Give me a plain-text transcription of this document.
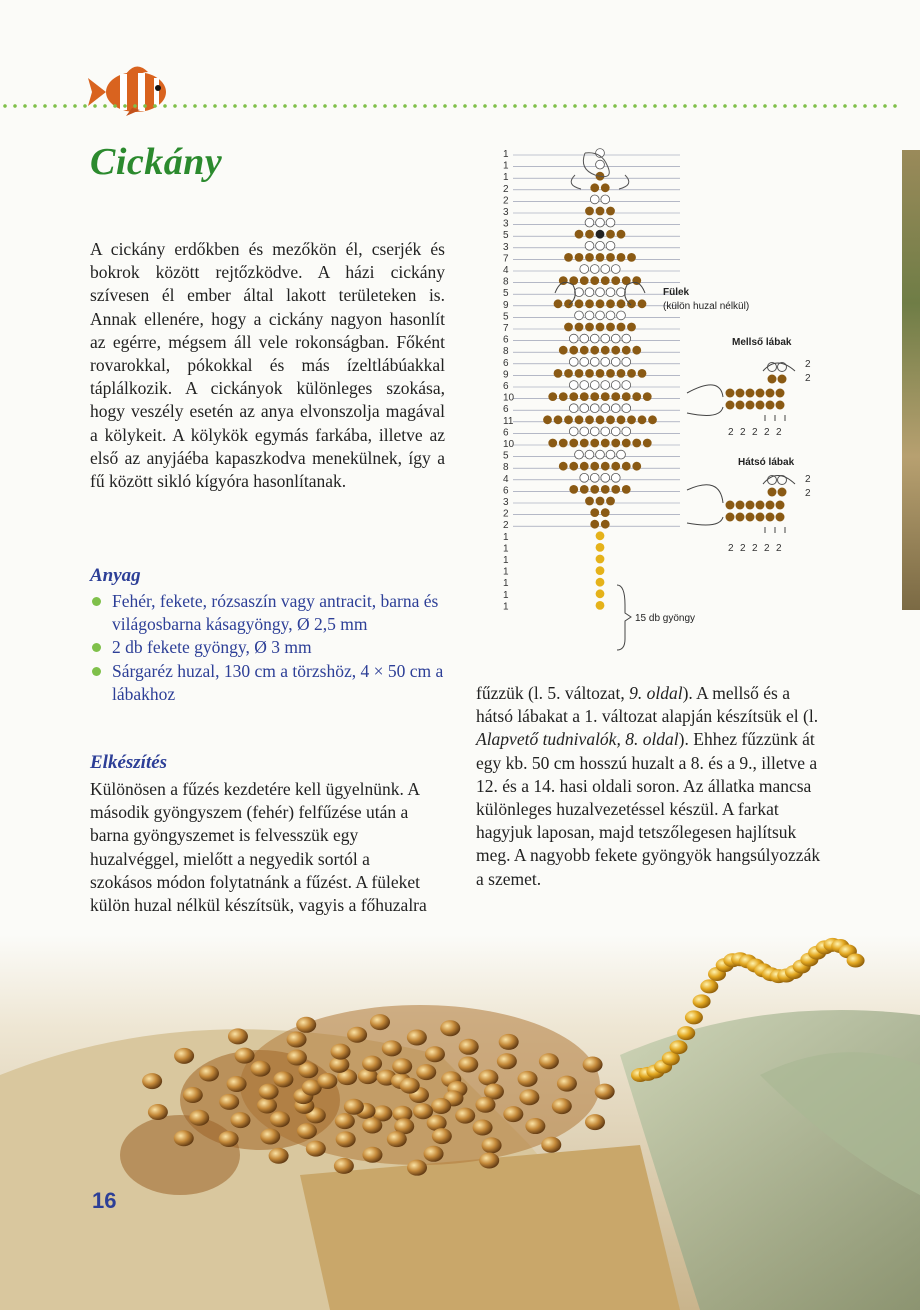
Cickány
A cickány erdőkben és mezőkön él, cserjék és bokrok között rejtőzködve. A házi cickány szívesen él ember által lakott területeken is. Annak ellenére, hogy a cickány nagyon hasonlít az egérre, mégsem áll vele rokonságban. Főként rovarokkal, pókokkal és más ízeltlábúakkal táplálkozik. A cickányok különleges szokása, hogy veszély esetén az anya elvonszolja magával a kölykeit. A kölykök egymás farkába, illetve az első az anyjáéba kapaszkodva menekülnek, így a fű között sikló kígyóra hasonlítanak.
Anyag
Fehér, fekete, rózsaszín vagy antracit, barna és világosbarna kásagyöngy, Ø 2,5 mm
2 db fekete gyöngy, Ø 3 mm
Sárgaréz huzal, 130 cm a törzshöz, 4 × 50 cm a lábakhoz
Elkészítés
Különösen a fűzés kezdetére kell ügyelnünk. A második gyöngyszem (fehér) felfűzése után a barna gyöngyszemet is felvesszük egy huzalvéggel, mielőtt a negyedik sortól a szokásos módon folytatnánk a fűzést. A füleket külön huzal nélkül készítsük, vagyis a főhuzalra
fűzzük (l. 5. változat, 9. oldal). A mellső és a hátsó lábakat a 1. változat alapján készítsük el (l. Alapvető tudnivalók, 8. oldal). Ehhez fűzzünk át egy kb. 50 cm hosszú huzalt a 8. és a 9., illetve a 12. és a 14. hasi oldali soron. Az állatka mancsa különleges huzalvezetéssel készül. A farkat hagyjuk laposan, majd tetszőlegesen hajlítsuk meg. A nagyobb fekete gyöngyök hangsúlyozzák a szemet.
1
1
1
2
2
3
3
5
3
7
4
8
5
9
5
7
6
8
6
9
6
10
6
11
6
10
5
8
4
6
3
2
2
1
1
1
1
1
1
1
Fülek
(külön huzal nélkül)
Mellső lábak
2
2
2 2 2 2 2
Hátsó lábak
2
2
2 2 2 2 2
15 db gyöngy
16
